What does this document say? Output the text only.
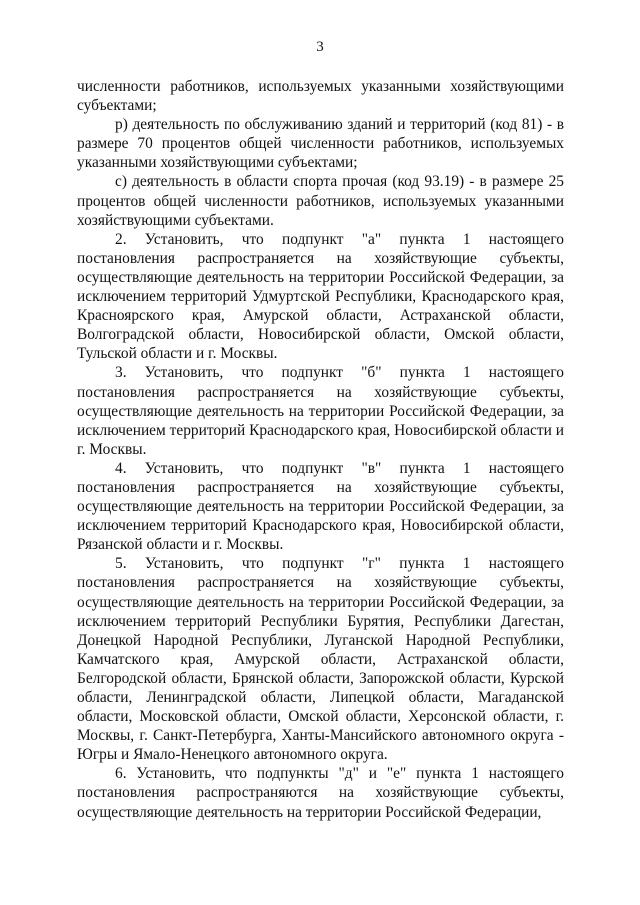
3

численности работников, используемых указанными хозяйствующими субъектами;

р) деятельность по обслуживанию зданий и территорий (код 81) - в размере 70 процентов общей численности работников, используемых указанными хозяйствующими субъектами;

с) деятельность в области спорта прочая (код 93.19) - в размере 25 процентов общей численности работников, используемых указанными хозяйствующими субъектами.

2. Установить, что подпункт "а" пункта 1 настоящего постановления распространяется на хозяйствующие субъекты, осуществляющие деятельность на территории Российской Федерации, за исключением территорий Удмуртской Республики, Краснодарского края, Красноярского края, Амурской области, Астраханской области, Волгоградской области, Новосибирской области, Омской области, Тульской области и г. Москвы.

3. Установить, что подпункт "б" пункта 1 настоящего постановления распространяется на хозяйствующие субъекты, осуществляющие деятельность на территории Российской Федерации, за исключением территорий Краснодарского края, Новосибирской области и г. Москвы.

4. Установить, что подпункт "в" пункта 1 настоящего постановления распространяется на хозяйствующие субъекты, осуществляющие деятельность на территории Российской Федерации, за исключением территорий Краснодарского края, Новосибирской области, Рязанской области и г. Москвы.

5. Установить, что подпункт "г" пункта 1 настоящего постановления распространяется на хозяйствующие субъекты, осуществляющие деятельность на территории Российской Федерации, за исключением территорий Республики Бурятия, Республики Дагестан, Донецкой Народной Республики, Луганской Народной Республики, Камчатского края, Амурской области, Астраханской области, Белгородской области, Брянской области, Запорожской области, Курской области, Ленинградской области, Липецкой области, Магаданской области, Московской области, Омской области, Херсонской области, г. Москвы, г. Санкт-Петербурга, Ханты-Мансийского автономного округа - Югры и Ямало-Ненецкого автономного округа.

6. Установить, что подпункты "д" и "е" пункта 1 настоящего постановления распространяются на хозяйствующие субъекты, осуществляющие деятельность на территории Российской Федерации,
